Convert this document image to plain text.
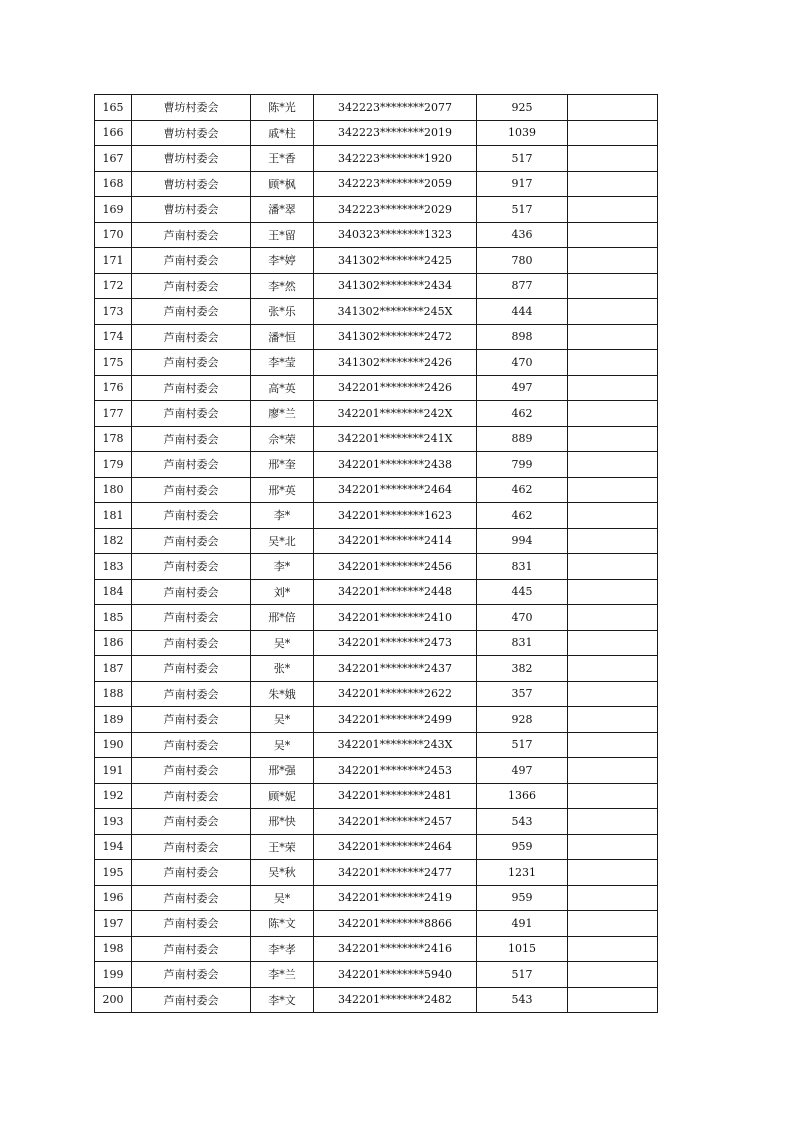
165	曹坊村委会	陈*光	342223********2077	925	
166	曹坊村委会	戚*柱	342223********2019	1039	
167	曹坊村委会	王*香	342223********1920	517	
168	曹坊村委会	顾*枫	342223********2059	917	
169	曹坊村委会	潘*翠	342223********2029	517	
170	芦南村委会	王*留	340323********1323	436	
171	芦南村委会	李*婷	341302********2425	780	
172	芦南村委会	李*然	341302********2434	877	
173	芦南村委会	张*乐	341302********245X	444	
174	芦南村委会	潘*恒	341302********2472	898	
175	芦南村委会	李*莹	341302********2426	470	
176	芦南村委会	高*英	342201********2426	497	
177	芦南村委会	廖*兰	342201********242X	462	
178	芦南村委会	佘*荣	342201********241X	889	
179	芦南村委会	邢*奎	342201********2438	799	
180	芦南村委会	邢*英	342201********2464	462	
181	芦南村委会	李*	342201********1623	462	
182	芦南村委会	吴*北	342201********2414	994	
183	芦南村委会	李*	342201********2456	831	
184	芦南村委会	刘*	342201********2448	445	
185	芦南村委会	邢*倍	342201********2410	470	
186	芦南村委会	吴*	342201********2473	831	
187	芦南村委会	张*	342201********2437	382	
188	芦南村委会	朱*娥	342201********2622	357	
189	芦南村委会	吴*	342201********2499	928	
190	芦南村委会	吴*	342201********243X	517	
191	芦南村委会	邢*强	342201********2453	497	
192	芦南村委会	顾*妮	342201********2481	1366	
193	芦南村委会	邢*快	342201********2457	543	
194	芦南村委会	王*荣	342201********2464	959	
195	芦南村委会	吴*秋	342201********2477	1231	
196	芦南村委会	吴*	342201********2419	959	
197	芦南村委会	陈*文	342201********8866	491	
198	芦南村委会	李*孝	342201********2416	1015	
199	芦南村委会	李*兰	342201********5940	517	
200	芦南村委会	李*文	342201********2482	543	
